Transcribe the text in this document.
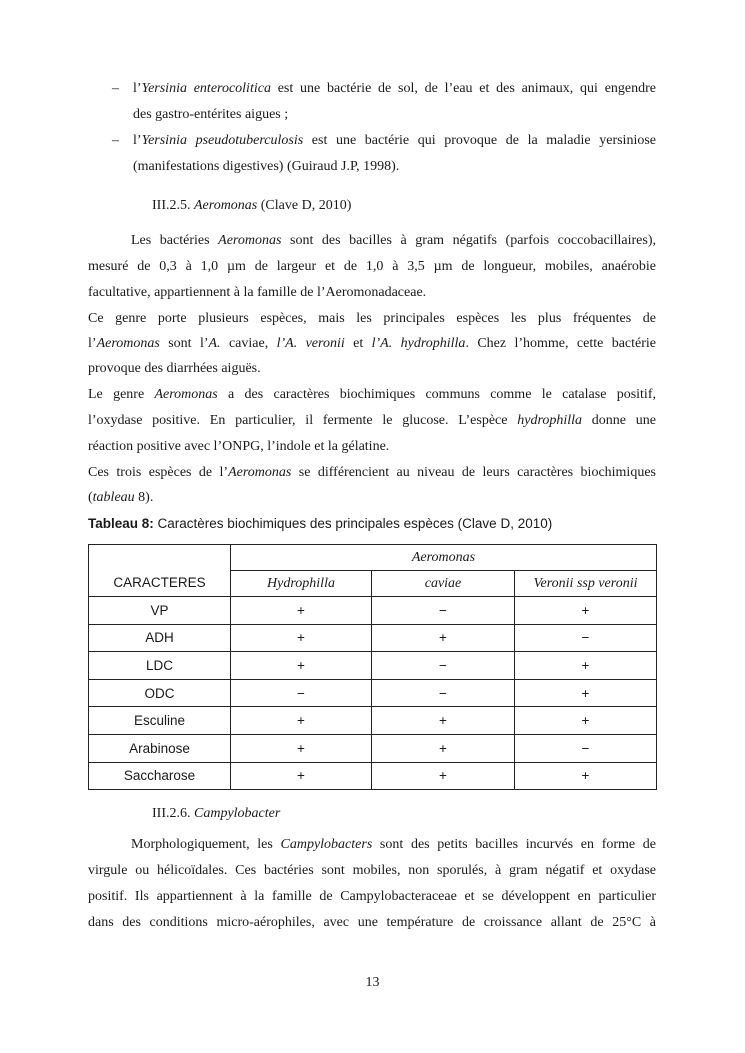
– l’Yersinia enterocolitica est une bactérie de sol, de l’eau et des animaux, qui engendre
des gastro-entérites aigues ;
– l’Yersinia pseudotuberculosis est une bactérie qui provoque de la maladie yersiniose
(manifestations digestives) (Guiraud J.P, 1998).
III.2.5. Aeromonas (Clave D, 2010)
Les bactéries Aeromonas sont des bacilles à gram négatifs (parfois coccobacillaires),
mesuré de 0,3 à 1,0 µm de largeur et de 1,0 à 3,5 µm de longueur, mobiles, anaérobie
facultative, appartiennent à la famille de l’Aeromonadaceae.
Ce genre porte plusieurs espèces, mais les principales espèces les plus fréquentes de
l’Aeromonas sont l’A. caviae, l’A. veronii et l’A. hydrophilla. Chez l’homme, cette bactérie
provoque des diarrhées aiguës.
Le genre Aeromonas a des caractères biochimiques communs comme le catalase positif,
l’oxydase positive. En particulier, il fermente le glucose. L’espèce hydrophilla donne une
réaction positive avec l’ONPG, l’indole et la gélatine.
Ces trois espèces de l’Aeromonas se différencient au niveau de leurs caractères biochimiques
(tableau 8).
Tableau 8: Caractères biochimiques des principales espèces (Clave D, 2010)
CARACTERES	Aeromonas		
	Hydrophilla	caviae	Veronii ssp veronii
VP	+	−	+
ADH	+	+	−
LDC	+	−	+
ODC	−	−	+
Esculine	+	+	+
Arabinose	+	+	−
Saccharose	+	+	+
III.2.6. Campylobacter
Morphologiquement, les Campylobacters sont des petits bacilles incurvés en forme de
virgule ou hélicoïdales. Ces bactéries sont mobiles, non sporulés, à gram négatif et oxydase
positif. Ils appartiennent à la famille de Campylobacteraceae et se développent en particulier
dans des conditions micro-aérophiles, avec une température de croissance allant de 25°C à
13
